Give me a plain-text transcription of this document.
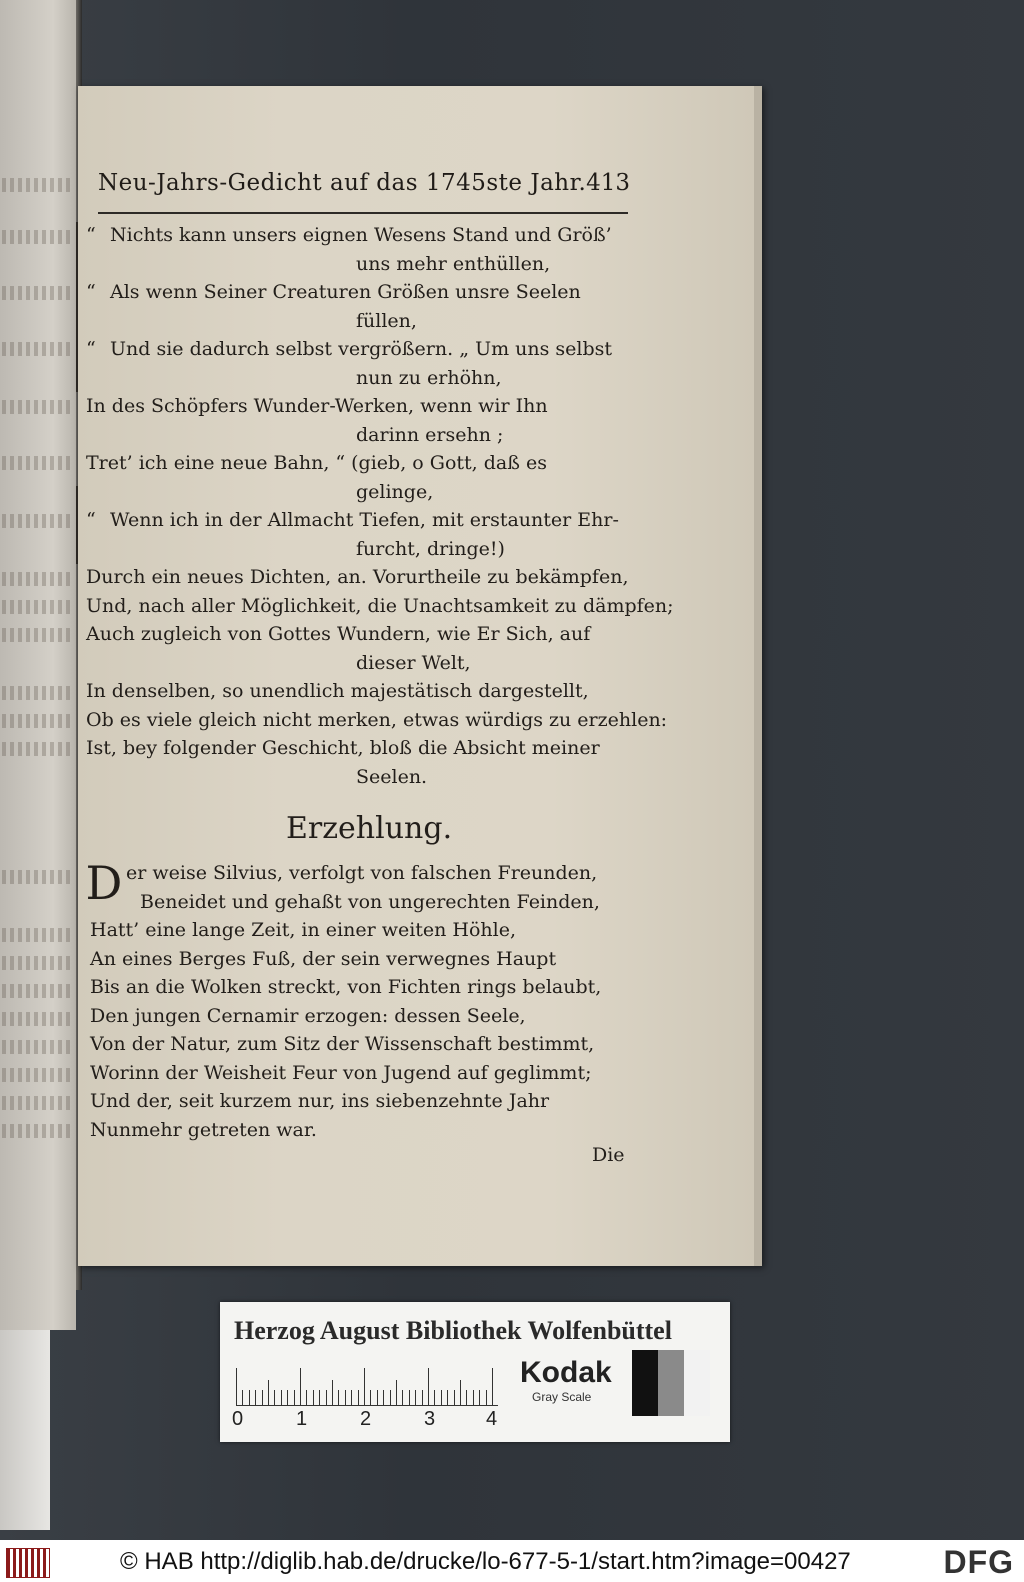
Neu-Jahrs-Gedicht auf das 1745ste Jahr. 413
“ Nichts kann unsers eignen Wesens Stand und Größ’
uns mehr enthüllen,
“ Als wenn Seiner Creaturen Größen unsre Seelen
füllen,
“ Und sie dadurch selbst vergrößern. „ Um uns selbst
nun zu erhöhn,
In des Schöpfers Wunder-Werken, wenn wir Ihn
darinn ersehn ;
Tret’ ich eine neue Bahn, “ (gieb, o Gott, daß es
gelinge,
“ Wenn ich in der Allmacht Tiefen, mit erstaunter Ehr-
furcht, dringe!)
Durch ein neues Dichten, an. Vorurtheile zu bekämpfen,
Und, nach aller Möglichkeit, die Unachtsamkeit zu dämpfen;
Auch zugleich von Gottes Wundern, wie Er Sich, auf
dieser Welt,
In denselben, so unendlich majestätisch dargestellt,
Ob es viele gleich nicht merken, etwas würdigs zu erzehlen:
Ist, bey folgender Geschicht, bloß die Absicht meiner
Seelen.
Erzehlung.
D er weise Silvius, verfolgt von falschen Freunden,
Beneidet und gehaßt von ungerechten Feinden,
Hatt’ eine lange Zeit, in einer weiten Höhle,
An eines Berges Fuß, der sein verwegnes Haupt
Bis an die Wolken streckt, von Fichten rings belaubt,
Den jungen Cernamir erzogen: dessen Seele,
Von der Natur, zum Sitz der Wissenschaft bestimmt,
Worinn der Weisheit Feur von Jugend auf geglimmt;
Und der, seit kurzem nur, ins siebenzehnte Jahr
Nunmehr getreten war.
Die
Herzog August Bibliothek Wolfenbüttel
0	1	2	3	4
Kodak
Gray Scale
© HAB http://diglib.hab.de/drucke/lo-677-5-1/start.htm?image=00427	DFG
